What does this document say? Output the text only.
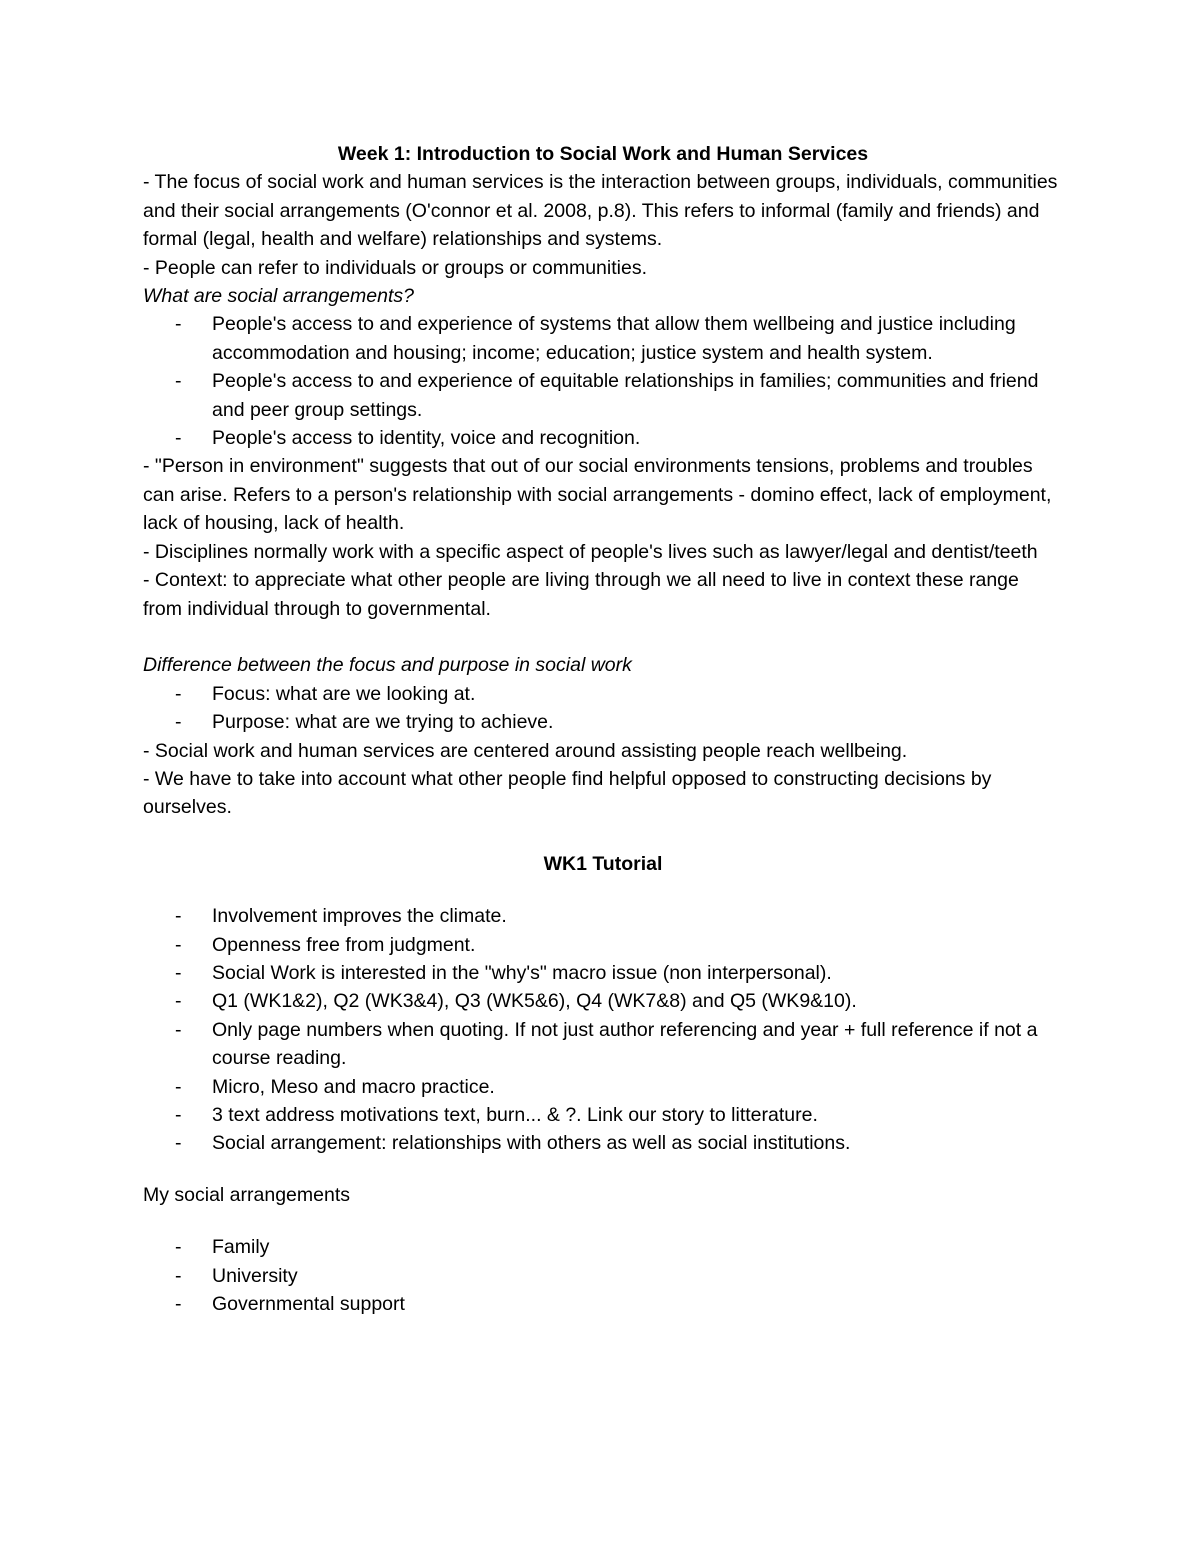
Week 1: Introduction to Social Work and Human Services

- The focus of social work and human services is the interaction between groups, individuals, communities and their social arrangements (O'connor et al. 2008, p.8). This refers to informal (family and friends) and formal (legal, health and welfare) relationships and systems.

- People can refer to individuals or groups or communities.

What are social arrangements?

- People's access to and experience of systems that allow them wellbeing and justice including accommodation and housing; income; education; justice system and health system.
- People's access to and experience of equitable relationships in families; communities and friend and peer group settings.
- People's access to identity, voice and recognition.

- "Person in environment" suggests that out of our social environments tensions, problems and troubles can arise. Refers to a person's relationship with social arrangements - domino effect, lack of employment, lack of housing, lack of health.

- Disciplines normally work with a specific aspect of people's lives such as lawyer/legal and dentist/teeth

- Context: to appreciate what other people are living through we all need to live in context these range from individual through to governmental.

Difference between the focus and purpose in social work

- Focus: what are we looking at.
- Purpose: what are we trying to achieve.

- Social work and human services are centered around assisting people reach wellbeing.

- We have to take into account what other people find helpful opposed to constructing decisions by ourselves.

WK1 Tutorial

- Involvement improves the climate.
- Openness free from judgment.
- Social Work is interested in the "why's" macro issue (non interpersonal).
- Q1 (WK1&2), Q2 (WK3&4), Q3 (WK5&6), Q4 (WK7&8) and Q5 (WK9&10).
- Only page numbers when quoting. If not just author referencing and year + full reference if not a course reading.
- Micro, Meso and macro practice.
- 3 text address motivations text, burn... & ?. Link our story to litterature.
- Social arrangement: relationships with others as well as social institutions.

My social arrangements

- Family
- University
- Governmental support
